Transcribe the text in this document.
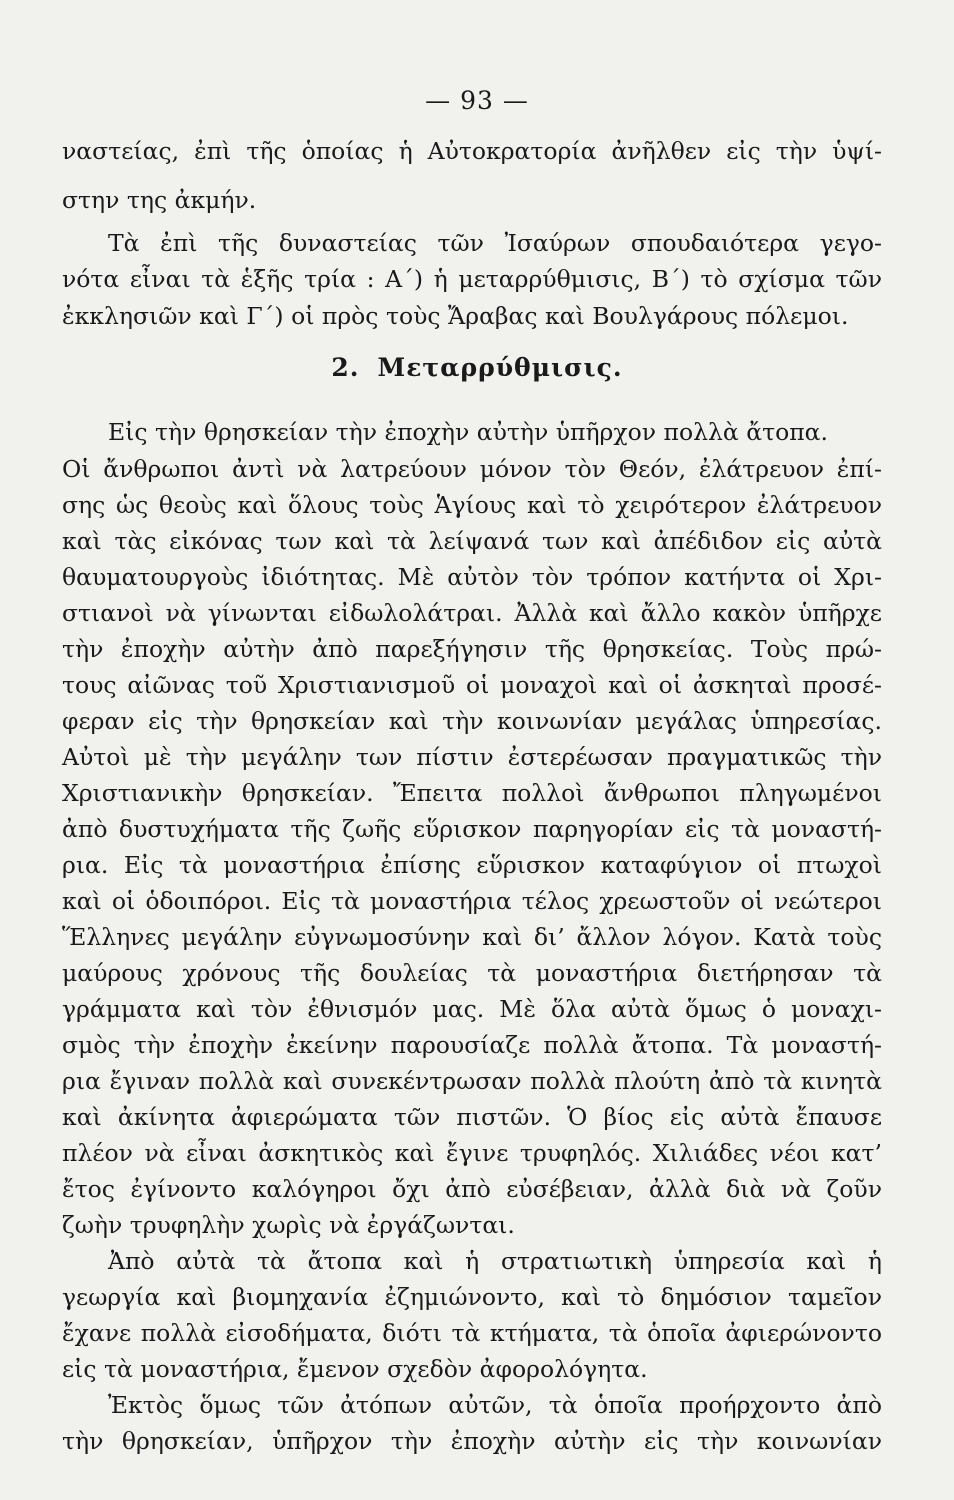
— 93 —
ναστείας, ἐπὶ τῆς ὁποίας ἡ Αὐτοκρατορία ἀνῆλθεν εἰς τὴν ὑψί-
στην της ἀκμήν.
Τὰ ἐπὶ τῆς δυναστείας τῶν Ἰσαύρων σπουδαιότερα γεγο-
νότα εἶναι τὰ ἑξῆς τρία : Α΄) ἡ μεταρρύθμισις, Β΄) τὸ σχίσμα τῶν
ἐκκλησιῶν καὶ Γ΄) οἱ πρὸς τοὺς Ἄραβας καὶ Βουλγάρους πόλεμοι.
2. Μεταρρύθμισις.
Εἰς τὴν θρησκείαν τὴν ἐποχὴν αὐτὴν ὑπῆρχον πολλὰ ἄτοπα.
Οἱ ἄνθρωποι ἀντὶ νὰ λατρεύουν μόνον τὸν Θεόν, ἐλάτρευον ἐπί-
σης ὡς θεοὺς καὶ ὅλους τοὺς Ἁγίους καὶ τὸ χειρότερον ἐλάτρευον
καὶ τὰς εἰκόνας των καὶ τὰ λείψανά των καὶ ἀπέδιδον εἰς αὐτὰ
θαυματουργοὺς ἰδιότητας. Μὲ αὐτὸν τὸν τρόπον κατήντα οἱ Χρι-
στιανοὶ νὰ γίνωνται εἰδωλολάτραι. Ἀλλὰ καὶ ἄλλο κακὸν ὑπῆρχε
τὴν ἐποχὴν αὐτὴν ἀπὸ παρεξήγησιν τῆς θρησκείας. Τοὺς πρώ-
τους αἰῶνας τοῦ Χριστιανισμοῦ οἱ μοναχοὶ καὶ οἱ ἀσκηταὶ προσέ-
φεραν εἰς τὴν θρησκείαν καὶ τὴν κοινωνίαν μεγάλας ὑπηρεσίας.
Αὐτοὶ μὲ τὴν μεγάλην των πίστιν ἐστερέωσαν πραγματικῶς τὴν
Χριστιανικὴν θρησκείαν. Ἔπειτα πολλοὶ ἄνθρωποι πληγωμένοι
ἀπὸ δυστυχήματα τῆς ζωῆς εὕρισκον παρηγορίαν εἰς τὰ μοναστή-
ρια. Εἰς τὰ μοναστήρια ἐπίσης εὕρισκον καταφύγιον οἱ πτωχοὶ
καὶ οἱ ὁδοιπόροι. Εἰς τὰ μοναστήρια τέλος χρεωστοῦν οἱ νεώτεροι
Ἕλληνες μεγάλην εὐγνωμοσύνην καὶ δι’ ἄλλον λόγον. Κατὰ τοὺς
μαύρους χρόνους τῆς δουλείας τὰ μοναστήρια διετήρησαν τὰ
γράμματα καὶ τὸν ἐθνισμόν μας. Μὲ ὅλα αὐτὰ ὅμως ὁ μοναχι-
σμὸς τὴν ἐποχὴν ἐκείνην παρουσίαζε πολλὰ ἄτοπα. Τὰ μοναστή-
ρια ἔγιναν πολλὰ καὶ συνεκέντρωσαν πολλὰ πλούτη ἀπὸ τὰ κινητὰ
καὶ ἀκίνητα ἀφιερώματα τῶν πιστῶν. Ὁ βίος εἰς αὐτὰ ἔπαυσε
πλέον νὰ εἶναι ἀσκητικὸς καὶ ἔγινε τρυφηλός. Χιλιάδες νέοι κατ’
ἔτος ἐγίνοντο καλόγηροι ὄχι ἀπὸ εὐσέβειαν, ἀλλὰ διὰ νὰ ζοῦν
ζωὴν τρυφηλὴν χωρὶς νὰ ἐργάζωνται.
Ἀπὸ αὐτὰ τὰ ἄτοπα καὶ ἡ στρατιωτικὴ ὑπηρεσία καὶ ἡ
γεωργία καὶ βιομηχανία ἐζημιώνοντο, καὶ τὸ δημόσιον ταμεῖον
ἔχανε πολλὰ εἰσοδήματα, διότι τὰ κτήματα, τὰ ὁποῖα ἀφιερώνοντο
εἰς τὰ μοναστήρια, ἔμενον σχεδὸν ἀφορολόγητα.
Ἐκτὸς ὅμως τῶν ἀτόπων αὐτῶν, τὰ ὁποῖα προήρχοντο ἀπὸ
τὴν θρησκείαν, ὑπῆρχον τὴν ἐποχὴν αὐτὴν εἰς τὴν κοινωνίαν
